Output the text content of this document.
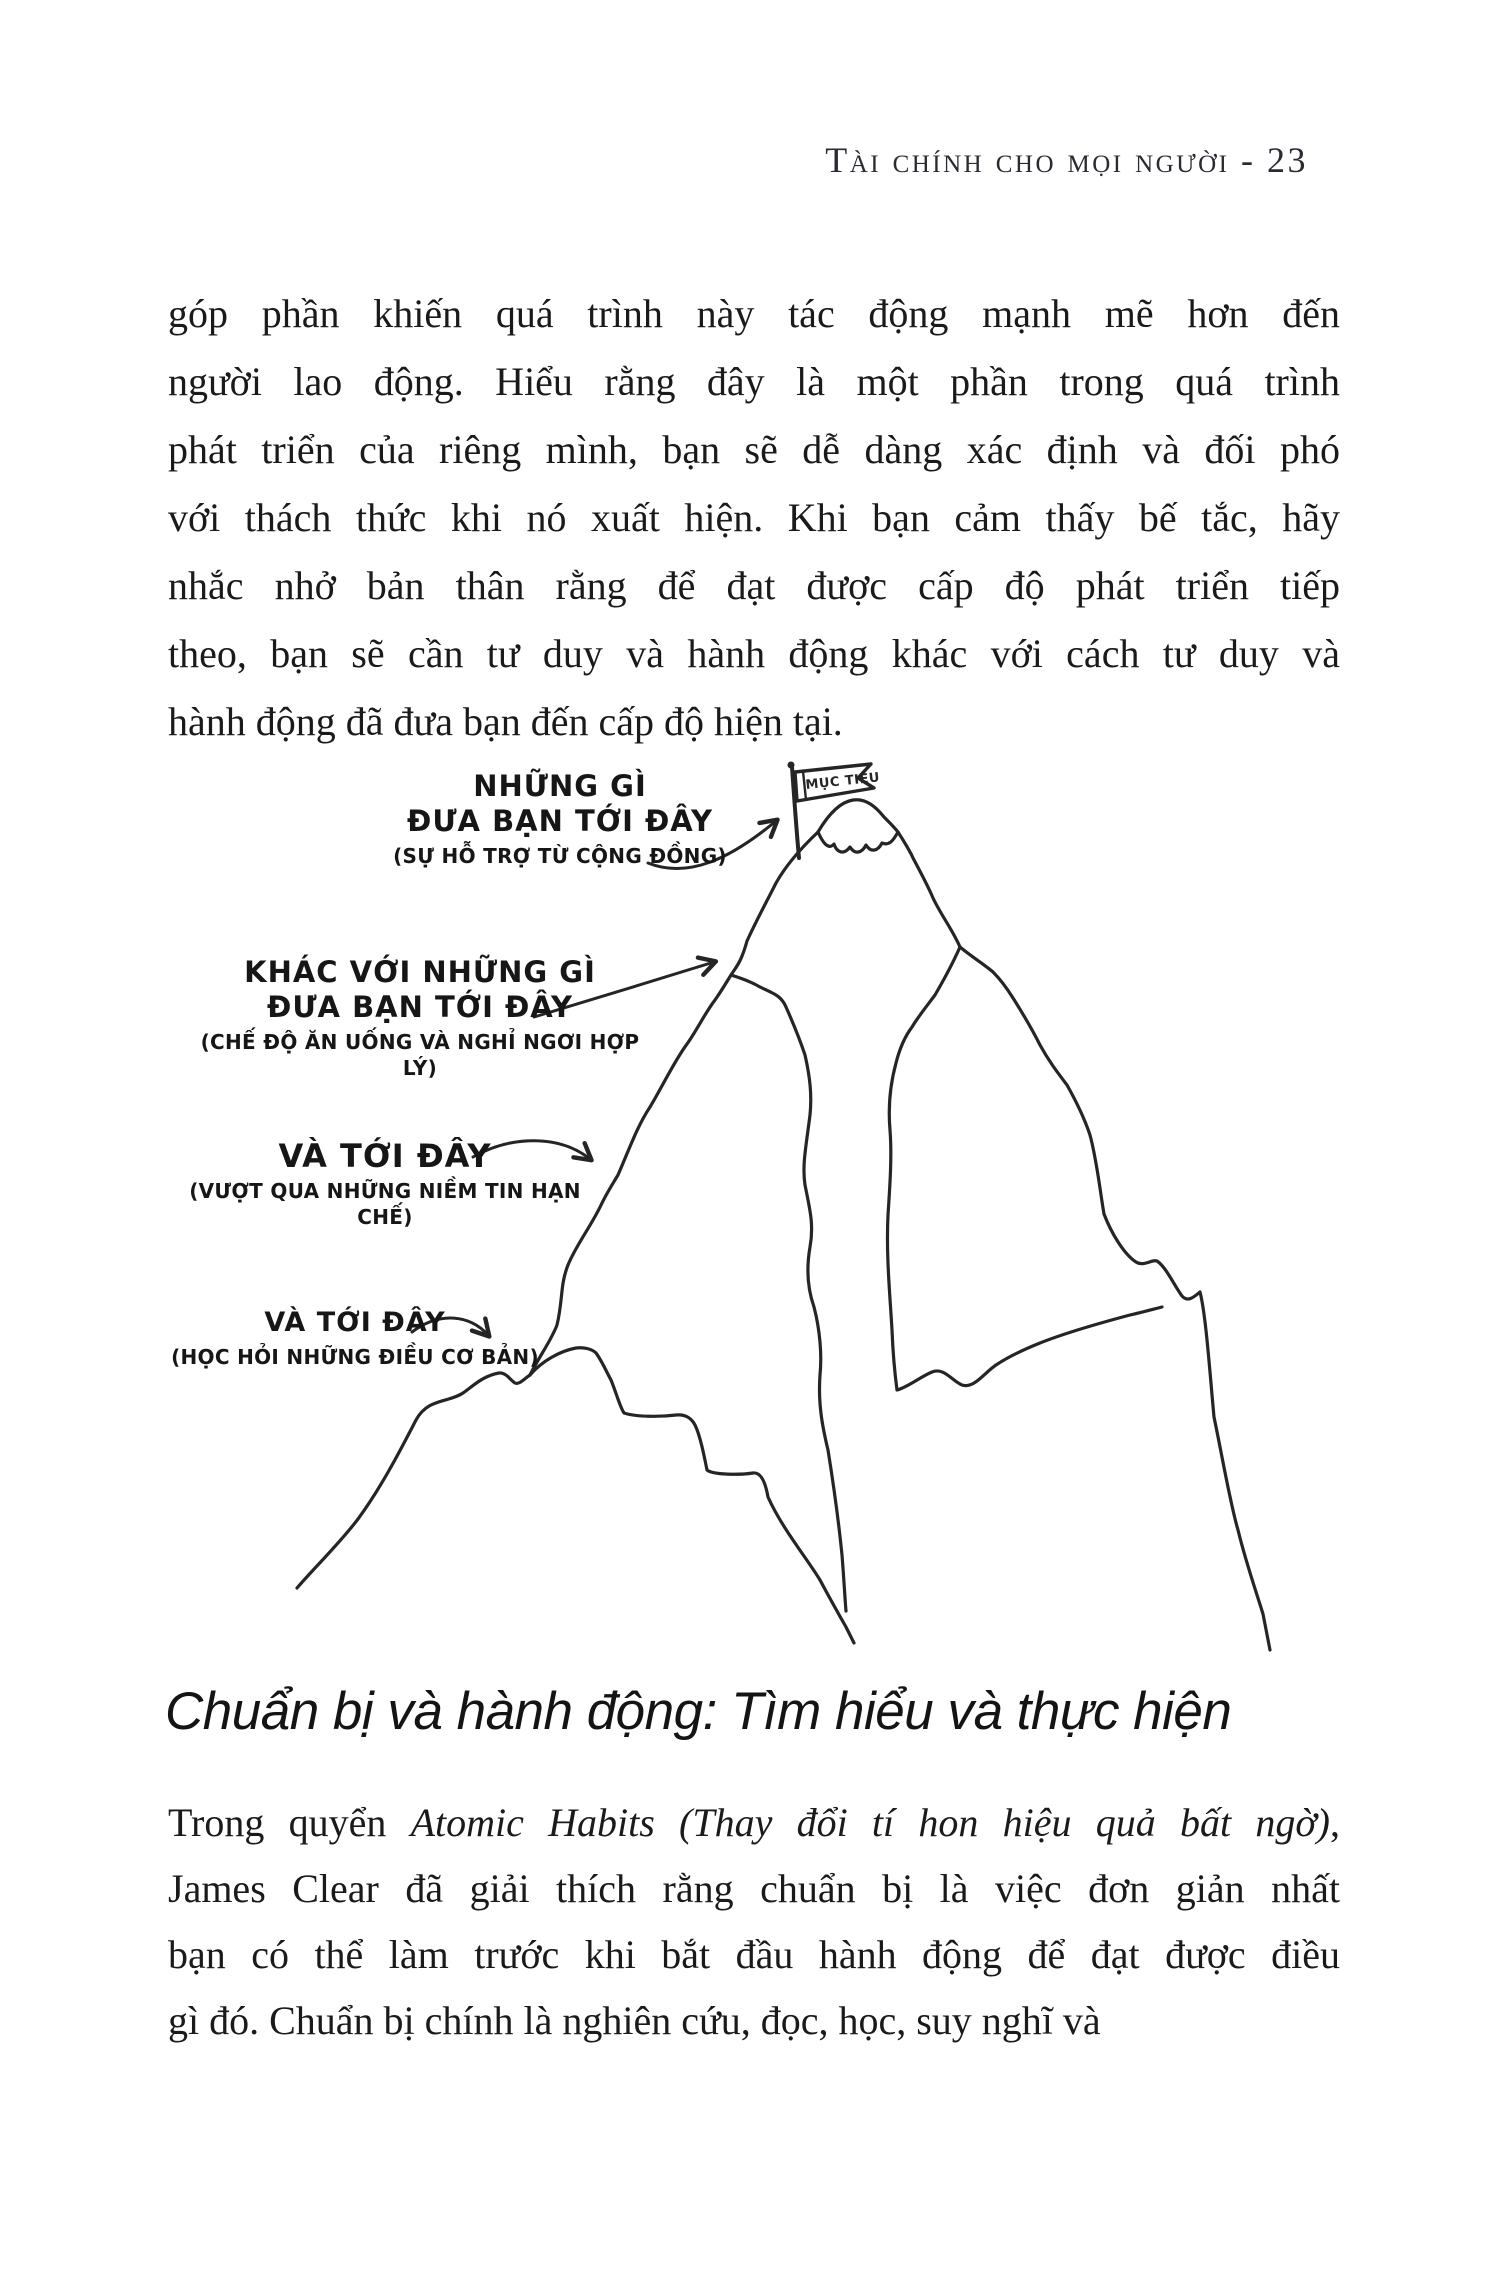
Tài chính cho mọi người - 23
góp phần khiến quá trình này tác động mạnh mẽ hơn đến
người lao động. Hiểu rằng đây là một phần trong quá trình
phát triển của riêng mình, bạn sẽ dễ dàng xác định và đối phó
với thách thức khi nó xuất hiện. Khi bạn cảm thấy bế tắc, hãy
nhắc nhở bản thân rằng để đạt được cấp độ phát triển tiếp
theo, bạn sẽ cần tư duy và hành động khác với cách tư duy và
hành động đã đưa bạn đến cấp độ hiện tại.
MỤC TIÊU
NHỮNG GÌ
ĐƯA BẠN TỚI ĐÂY
(SỰ HỖ TRỢ TỪ CỘNG ĐỒNG)
KHÁC VỚI NHỮNG GÌ
ĐƯA BẠN TỚI ĐÂY
(CHẾ ĐỘ ĂN UỐNG VÀ NGHỈ NGƠI HỢP LÝ)
VÀ TỚI ĐÂY
(VƯỢT QUA NHỮNG NIỀM TIN HẠN CHẾ)
VÀ TỚI ĐÂY
(HỌC HỎI NHỮNG ĐIỀU CƠ BẢN)
Chuẩn bị và hành động: Tìm hiểu và thực hiện
Trong quyển Atomic Habits (Thay đổi tí hon hiệu quả bất ngờ),
James Clear đã giải thích rằng chuẩn bị là việc đơn giản nhất
bạn có thể làm trước khi bắt đầu hành động để đạt được điều
gì đó. Chuẩn bị chính là nghiên cứu, đọc, học, suy nghĩ và
